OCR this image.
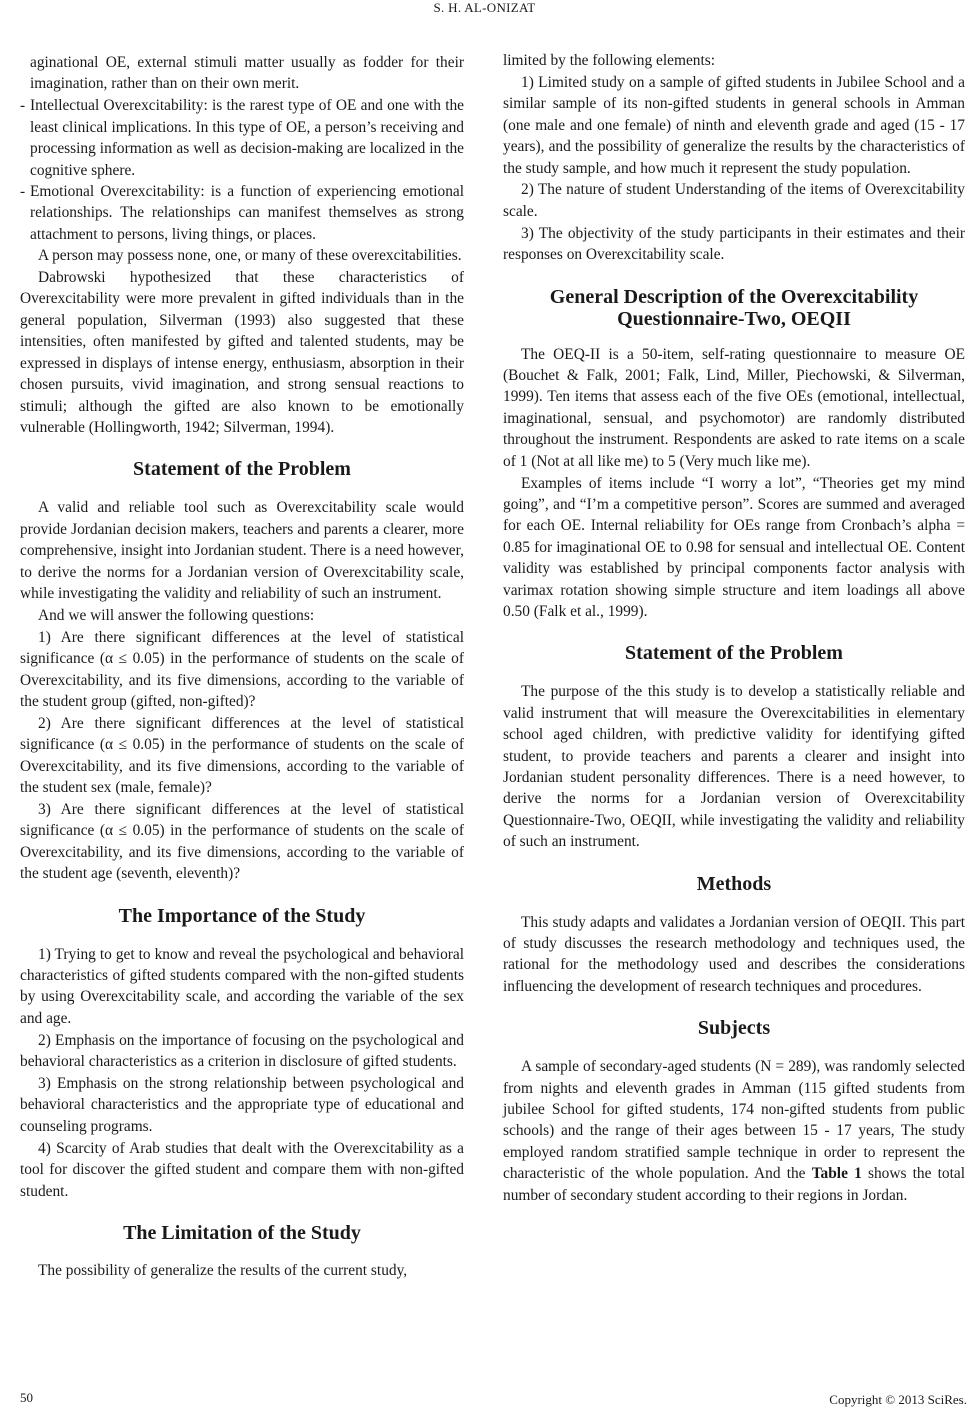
S. H. AL-ONIZAT

aginational OE, external stimuli matter usually as fodder for their imagination, rather than on their own merit.

- Intellectual Overexcitability: is the rarest type of OE and one with the least clinical implications. In this type of OE, a person’s receiving and processing information as well as decision-making are localized in the cognitive sphere.
- Emotional Overexcitability: is a function of experiencing emotional relationships. The relationships can manifest themselves as strong attachment to persons, living things, or places.

A person may possess none, one, or many of these overexcitabilities.

Dabrowski hypothesized that these characteristics of Overexcitability were more prevalent in gifted individuals than in the general population, Silverman (1993) also suggested that these intensities, often manifested by gifted and talented students, may be expressed in displays of intense energy, enthusiasm, absorption in their chosen pursuits, vivid imagination, and strong sensual reactions to stimuli; although the gifted are also known to be emotionally vulnerable (Hollingworth, 1942; Silverman, 1994).

Statement of the Problem

A valid and reliable tool such as Overexcitability scale would provide Jordanian decision makers, teachers and parents a clearer, more comprehensive, insight into Jordanian student. There is a need however, to derive the norms for a Jordanian version of Overexcitability scale, while investigating the validity and reliability of such an instrument.

And we will answer the following questions:

1) Are there significant differences at the level of statistical significance (α ≤ 0.05) in the performance of students on the scale of Overexcitability, and its five dimensions, according to the variable of the student group (gifted, non-gifted)?

2) Are there significant differences at the level of statistical significance (α ≤ 0.05) in the performance of students on the scale of Overexcitability, and its five dimensions, according to the variable of the student sex (male, female)?

3) Are there significant differences at the level of statistical significance (α ≤ 0.05) in the performance of students on the scale of Overexcitability, and its five dimensions, according to the variable of the student age (seventh, eleventh)?

The Importance of the Study

1) Trying to get to know and reveal the psychological and behavioral characteristics of gifted students compared with the non-gifted students by using Overexcitability scale, and according the variable of the sex and age.

2) Emphasis on the importance of focusing on the psychological and behavioral characteristics as a criterion in disclosure of gifted students.

3) Emphasis on the strong relationship between psychological and behavioral characteristics and the appropriate type of educational and counseling programs.

4) Scarcity of Arab studies that dealt with the Overexcitability as a tool for discover the gifted student and compare them with non-gifted student.

The Limitation of the Study

The possibility of generalize the results of the current study,

limited by the following elements:

1) Limited study on a sample of gifted students in Jubilee School and a similar sample of its non-gifted students in general schools in Amman (one male and one female) of ninth and eleventh grade and aged (15 - 17 years), and the possibility of generalize the results by the characteristics of the study sample, and how much it represent the study population.

2) The nature of student Understanding of the items of Overexcitability scale.

3) The objectivity of the study participants in their estimates and their responses on Overexcitability scale.

General Description of the Overexcitability Questionnaire-Two, OEQII

The OEQ-II is a 50-item, self-rating questionnaire to measure OE (Bouchet & Falk, 2001; Falk, Lind, Miller, Piechowski, & Silverman, 1999). Ten items that assess each of the five OEs (emotional, intellectual, imaginational, sensual, and psychomotor) are randomly distributed throughout the instrument. Respondents are asked to rate items on a scale of 1 (Not at all like me) to 5 (Very much like me).

Examples of items include “I worry a lot”, “Theories get my mind going”, and “I’m a competitive person”. Scores are summed and averaged for each OE. Internal reliability for OEs range from Cronbach’s alpha = 0.85 for imaginational OE to 0.98 for sensual and intellectual OE. Content validity was established by principal components factor analysis with varimax rotation showing simple structure and item loadings all above 0.50 (Falk et al., 1999).

Statement of the Problem

The purpose of the this study is to develop a statistically reliable and valid instrument that will measure the Overexcitabilities in elementary school aged children, with predictive validity for identifying gifted student, to provide teachers and parents a clearer and insight into Jordanian student personality differences. There is a need however, to derive the norms for a Jordanian version of Overexcitability Questionnaire-Two, OEQII, while investigating the validity and reliability of such an instrument.

Methods

This study adapts and validates a Jordanian version of OEQII. This part of study discusses the research methodology and techniques used, the rational for the methodology used and describes the considerations influencing the development of research techniques and procedures.

Subjects

A sample of secondary-aged students (N = 289), was randomly selected from nights and eleventh grades in Amman (115 gifted students from jubilee School for gifted students, 174 non-gifted students from public schools) and the range of their ages between 15 - 17 years, The study employed random stratified sample technique in order to represent the characteristic of the whole population. And the Table 1 shows the total number of secondary student according to their regions in Jordan.

50	Copyright © 2013 SciRes.
